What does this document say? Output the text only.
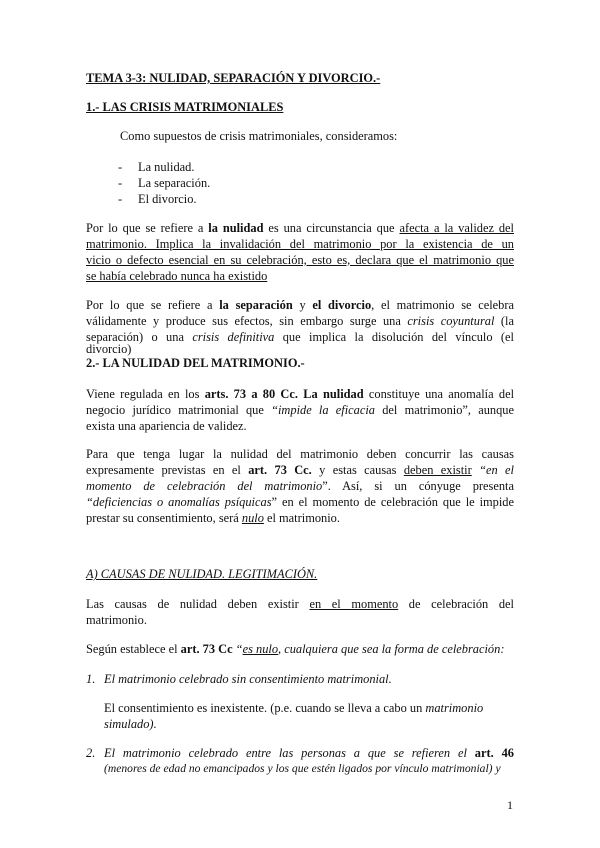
TEMA 3-3: NULIDAD, SEPARACIÓN Y DIVORCIO.-
1.- LAS CRISIS MATRIMONIALES
Como supuestos de crisis matrimoniales, consideramos:
- La nulidad.
- La separación.
- El divorcio.
Por lo que se refiere a la nulidad es una circunstancia que afecta a la validez del
matrimonio. Implica la invalidación del matrimonio por la existencia de un
vicio o defecto esencial en su celebración, esto es, declara que el matrimonio que
se había celebrado nunca ha existido
Por lo que se refiere a la separación y el divorcio, el matrimonio se celebra
válidamente y produce sus efectos, sin embargo surge una crisis coyuntural (la
separación) o una crisis definitiva que implica la disolución del vínculo (el
divorcio)
2.- LA NULIDAD DEL MATRIMONIO.-
Viene regulada en los arts. 73 a 80 Cc. La nulidad constituye una anomalía del
negocio jurídico matrimonial que “impide la eficacia del matrimonio”, aunque
exista una apariencia de validez.
Para que tenga lugar la nulidad del matrimonio deben concurrir las causas
expresamente previstas en el art. 73 Cc. y estas causas deben existir “en el
momento de celebración del matrimonio”. Así, si un cónyuge presenta
“deficiencias o anomalías psíquicas” en el momento de celebración que le impide
prestar su consentimiento, será nulo el matrimonio.
A) CAUSAS DE NULIDAD. LEGITIMACIÓN.
Las causas de nulidad deben existir en el momento de celebración del
matrimonio.
Según establece el art. 73 Cc “es nulo, cualquiera que sea la forma de celebración:
1. El matrimonio celebrado sin consentimiento matrimonial.
El consentimiento es inexistente. (p.e. cuando se lleva a cabo un matrimonio
simulado).
2. El matrimonio celebrado entre las personas a que se refieren el art. 46
(menores de edad no emancipados y los que estén ligados por vínculo matrimonial) y
1
